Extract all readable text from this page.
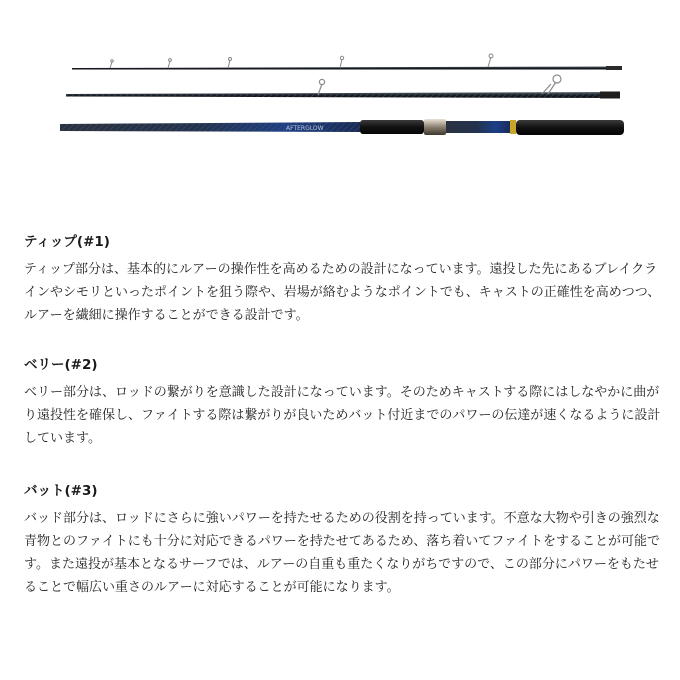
AFTERGLOW
ティップ(#1)

ティップ部分は、基本的にルアーの操作性を高めるための設計になっています。遠投した先にあるブレイクラインやシモリといったポイントを狙う際や、岩場が絡むようなポイントでも、キャストの正確性を高めつつ、ルアーを繊細に操作することができる設計です。

ベリー(#2)

ベリー部分は、ロッドの繋がりを意識した設計になっています。そのためキャストする際にはしなやかに曲がり遠投性を確保し、ファイトする際は繋がりが良いためバット付近までのパワーの伝達が速くなるように設計しています。

バット(#3)

バッド部分は、ロッドにさらに強いパワーを持たせるための役割を持っています。不意な大物や引きの強烈な青物とのファイトにも十分に対応できるパワーを持たせてあるため、落ち着いてファイトをすることが可能です。また遠投が基本となるサーフでは、ルアーの自重も重たくなりがちですので、この部分にパワーをもたせることで幅広い重さのルアーに対応することが可能になります。
